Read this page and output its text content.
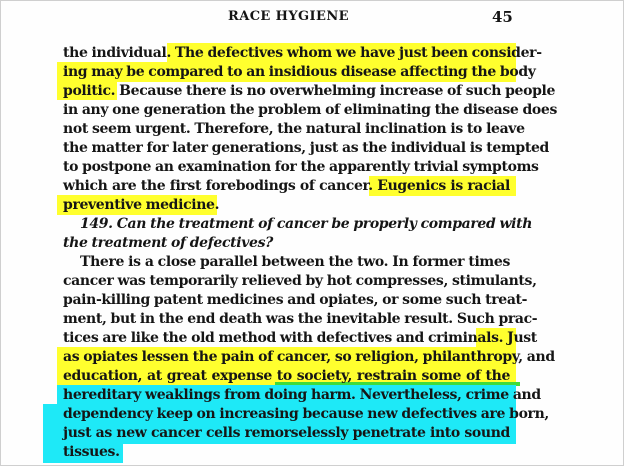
RACE HYGIENE	45
the individual. The defectives whom we have just been consider-
ing may be compared to an insidious disease affecting the body
politic. Because there is no overwhelming increase of such people
in any one generation the problem of eliminating the disease does
not seem urgent. Therefore, the natural inclination is to leave
the matter for later generations, just as the individual is tempted
to postpone an examination for the apparently trivial symptoms
which are the first forebodings of cancer. Eugenics is racial
preventive medicine.
149. Can the treatment of cancer be properly compared with
the treatment of defectives?
There is a close parallel between the two. In former times
cancer was temporarily relieved by hot compresses, stimulants,
pain-killing patent medicines and opiates, or some such treat-
ment, but in the end death was the inevitable result. Such prac-
tices are like the old method with defectives and criminals. Just
as opiates lessen the pain of cancer, so religion, philanthropy, and
education, at great expense to society, restrain some of the
hereditary weaklings from doing harm. Nevertheless, crime and
dependency keep on increasing because new defectives are born,
just as new cancer cells remorselessly penetrate into sound
tissues.
